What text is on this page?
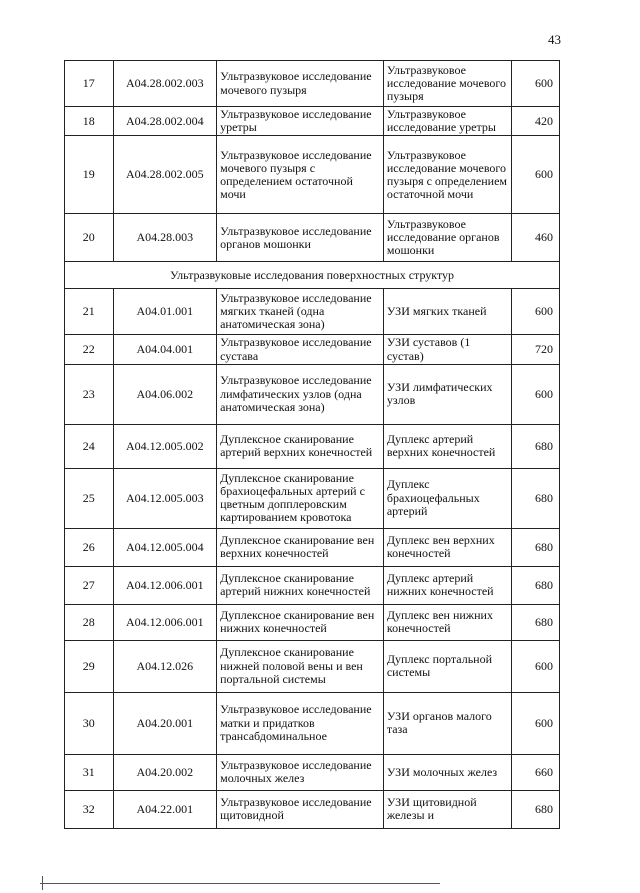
43
17	A04.28.002.003	Ультразвуковое исследование мочевого пузыря	Ультразвуковое исследование мочевого пузыря	600
18	A04.28.002.004	Ультразвуковое исследование уретры	Ультразвуковое исследование уретры	420
19	A04.28.002.005	Ультразвуковое исследование мочевого пузыря с определением остаточной мочи	Ультразвуковое исследование мочевого пузыря с определением остаточной мочи	600
20	A04.28.003	Ультразвуковое исследование органов мошонки	Ультразвуковое исследование органов мошонки	460
Ультразвуковые исследования поверхностных структур				
21	A04.01.001	Ультразвуковое исследование мягких тканей (одна анатомическая зона)	УЗИ мягких тканей	600
22	A04.04.001	Ультразвуковое исследование сустава	УЗИ суставов (1 сустав)	720
23	A04.06.002	Ультразвуковое исследование лимфатических узлов (одна анатомическая зона)	УЗИ лимфатических узлов	600
24	A04.12.005.002	Дуплексное сканирование артерий верхних конечностей	Дуплекс артерий верхних конечностей	680
25	A04.12.005.003	Дуплексное сканирование брахиоцефальных артерий с цветным допплеровским картированием кровотока	Дуплекс брахиоцефальных артерий	680
26	A04.12.005.004	Дуплексное сканирование вен верхних конечностей	Дуплекс вен верхних конечностей	680
27	A04.12.006.001	Дуплексное сканирование артерий нижних конечностей	Дуплекс артерий нижних конечностей	680
28	A04.12.006.001	Дуплексное сканирование вен нижних конечностей	Дуплекс вен нижних конечностей	680
29	A04.12.026	Дуплексное сканирование нижней половой вены и вен портальной системы	Дуплекс портальной системы	600
30	A04.20.001	Ультразвуковое исследование матки и придатков трансабдоминальное	УЗИ органов малого таза	600
31	A04.20.002	Ультразвуковое исследование молочных желез	УЗИ молочных желез	660
32	A04.22.001	Ультразвуковое исследование щитовидной	УЗИ щитовидной железы и	680
